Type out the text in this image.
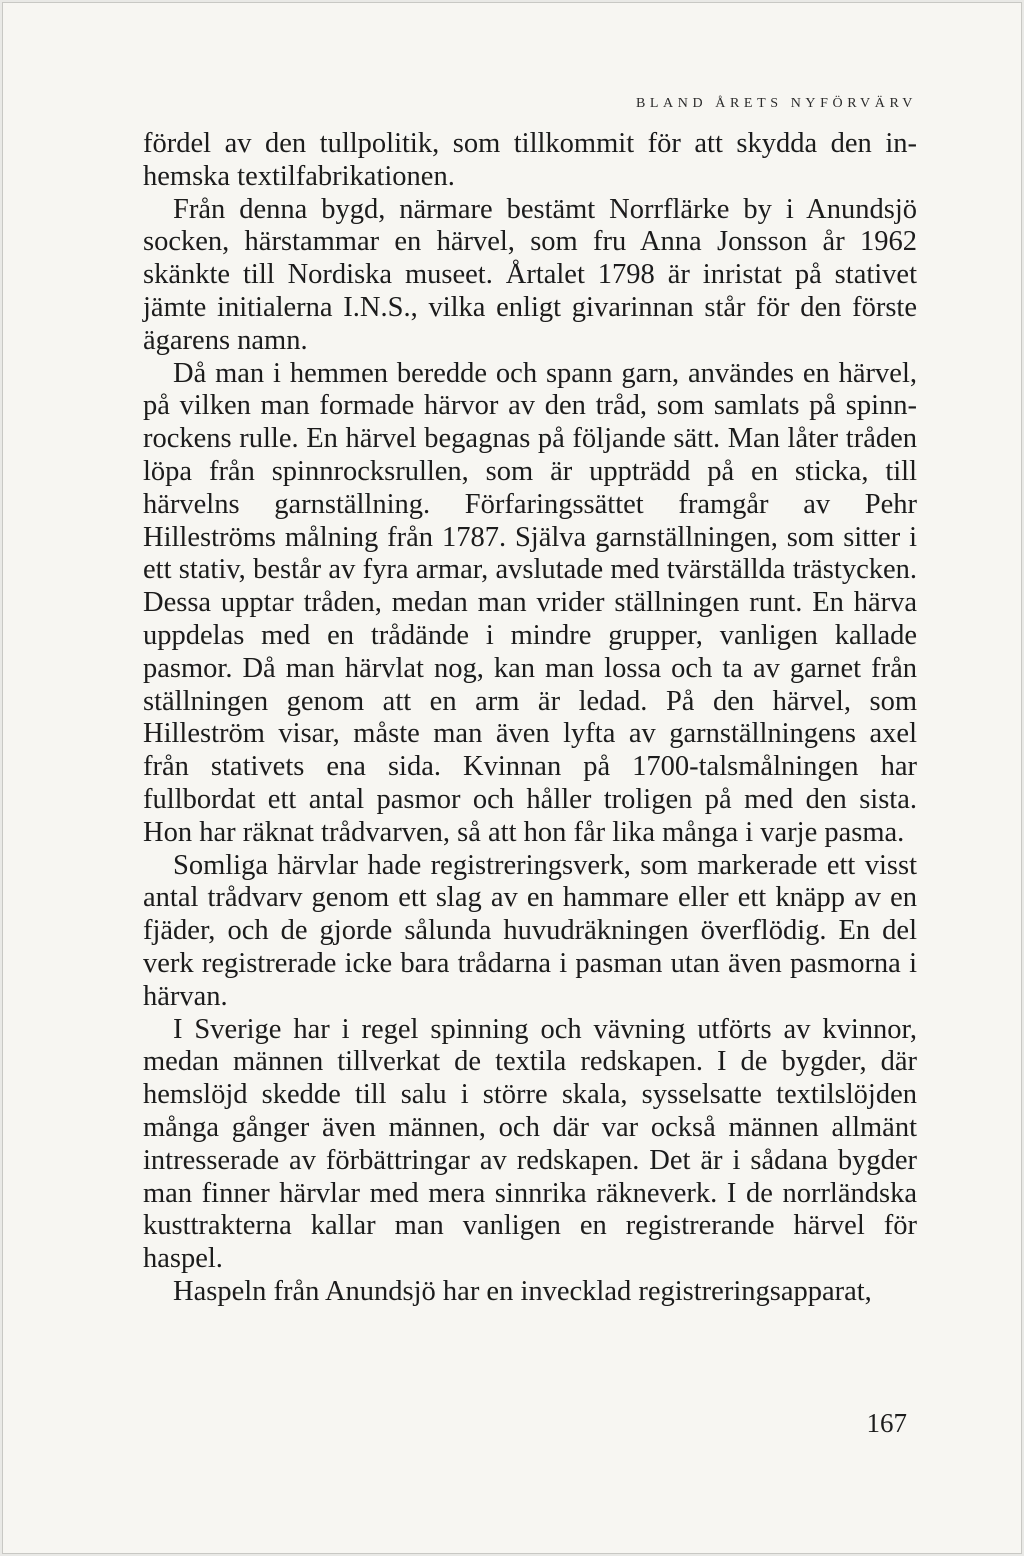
BLAND ÅRETS NYFÖRVÄRV

fördel av den tullpolitik, som tillkommit för att skydda den inhemska textilfabrikationen.

Från denna bygd, närmare bestämt Norrflärke by i Anundsjö socken, härstammar en härvel, som fru Anna Jonsson år 1962 skänkte till Nordiska museet. Årtalet 1798 är inristat på stativet jämte initialerna I.N.S., vilka enligt givarinnan står för den förste ägarens namn.

Då man i hemmen beredde och spann garn, användes en härvel, på vilken man formade härvor av den tråd, som samlats på spinnrockens rulle. En härvel begagnas på följande sätt. Man låter tråden löpa från spinnrocksrullen, som är uppträdd på en sticka, till härvelns garnställning. Förfaringssättet framgår av Pehr Hilleströms målning från 1787. Själva garnställningen, som sitter i ett stativ, består av fyra armar, avslutade med tvärställda trästycken. Dessa upptar tråden, medan man vrider ställningen runt. En härva uppdelas med en trådände i mindre grupper, vanligen kallade pasmor. Då man härvlat nog, kan man lossa och ta av garnet från ställningen genom att en arm är ledad. På den härvel, som Hilleström visar, måste man även lyfta av garnställningens axel från stativets ena sida. Kvinnan på 1700-talsmålningen har fullbordat ett antal pasmor och håller troligen på med den sista. Hon har räknat trådvarven, så att hon får lika många i varje pasma.

Somliga härvlar hade registreringsverk, som markerade ett visst antal trådvarv genom ett slag av en hammare eller ett knäpp av en fjäder, och de gjorde sålunda huvudräkningen överflödig. En del verk registrerade icke bara trådarna i pasman utan även pasmorna i härvan.

I Sverige har i regel spinning och vävning utförts av kvinnor, medan männen tillverkat de textila redskapen. I de bygder, där hemslöjd skedde till salu i större skala, sysselsatte textilslöjden många gånger även männen, och där var också männen allmänt intresserade av förbättringar av redskapen. Det är i sådana bygder man finner härvlar med mera sinnrika räkneverk. I de norrländska kusttrakterna kallar man vanligen en registrerande härvel för haspel.

Haspeln från Anundsjö har en invecklad registreringsapparat,

167
